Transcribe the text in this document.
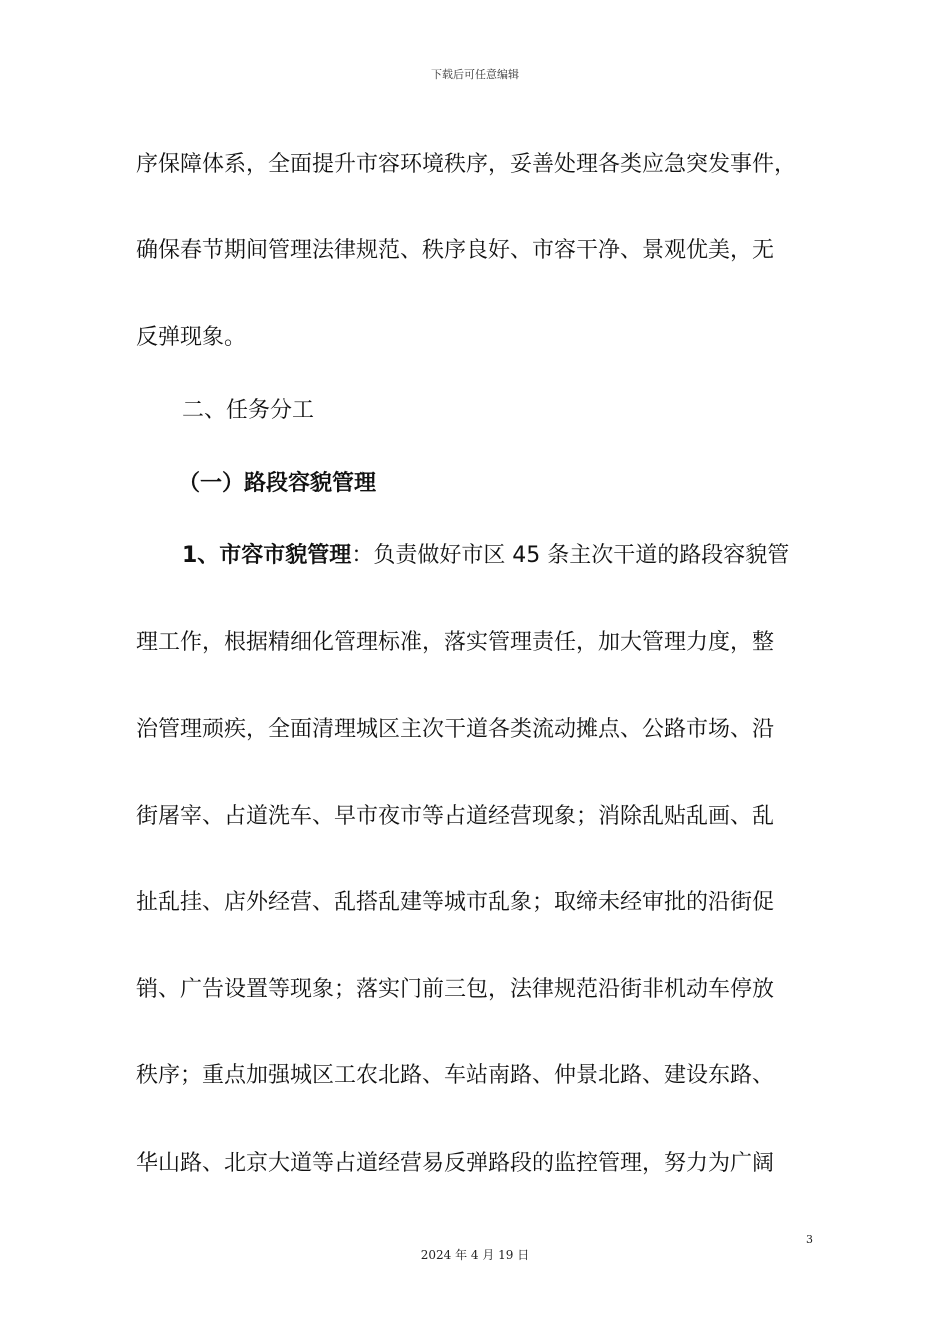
下载后可任意编辑
序保障体系，全面提升市容环境秩序，妥善处理各类应急突发事件，
确保春节期间管理法律规范、秩序良好、市容干净、景观优美，无
反弹现象。
二、任务分工
（一）路段容貌管理
1、市容市貌管理：负责做好市区 45 条主次干道的路段容貌管
理工作，根据精细化管理标准，落实管理责任，加大管理力度，整
治管理顽疾，全面清理城区主次干道各类流动摊点、公路市场、沿
街屠宰、占道洗车、早市夜市等占道经营现象；消除乱贴乱画、乱
扯乱挂、店外经营、乱搭乱建等城市乱象；取缔未经审批的沿街促
销、广告设置等现象；落实门前三包，法律规范沿街非机动车停放
秩序；重点加强城区工农北路、车站南路、仲景北路、建设东路、
华山路、北京大道等占道经营易反弹路段的监控管理，努力为广阔
3
2024 年 4 月 19 日
